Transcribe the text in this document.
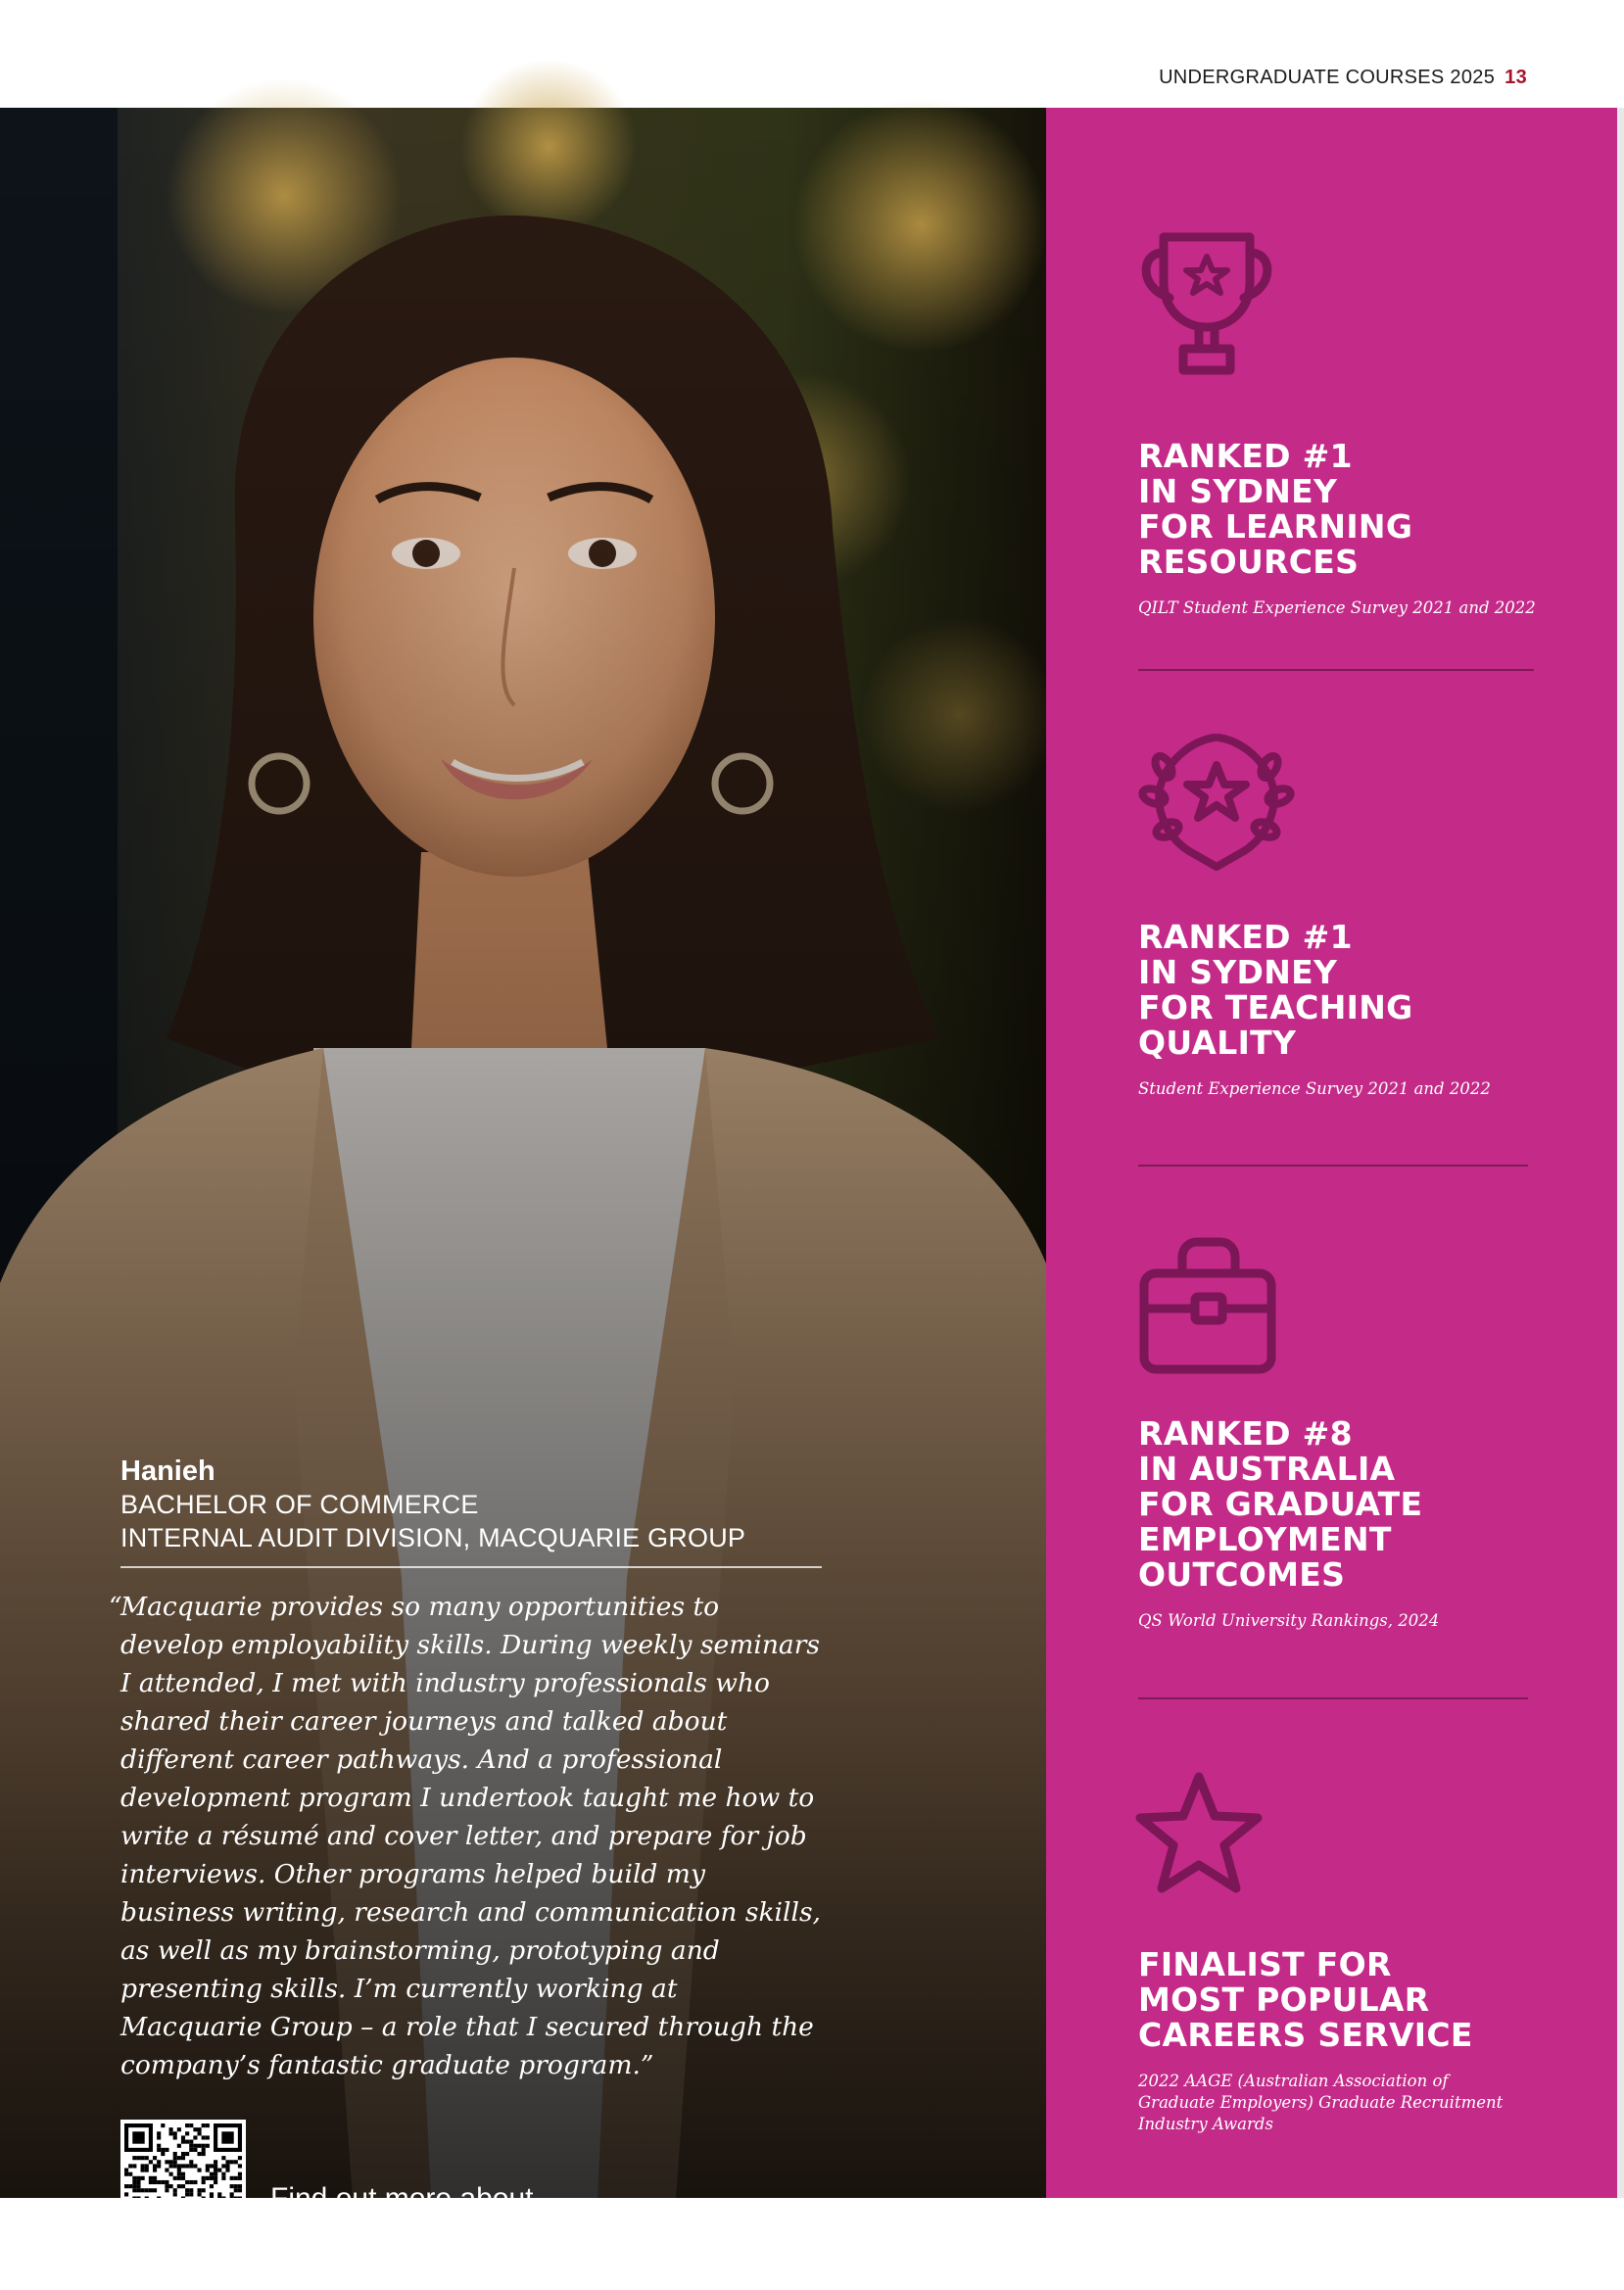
UNDERGRADUATE COURSES 2025 13
Hanieh
BACHELOR OF COMMERCE
INTERNAL AUDIT DIVISION, MACQUARIE GROUP
“
Macquarie provides so many opportunities to develop employability skills. During weekly seminars I attended, I met with industry professionals who shared their career journeys and talked about different career pathways. And a professional development program I undertook taught me how to write a résumé and cover letter, and prepare for job interviews. Other programs helped build my business writing, research and communication skills, as well as my brainstorming, prototyping and presenting skills. I’m currently working at Macquarie Group – a role that I secured through the company’s fantastic graduate program.”
RANKED #1
IN SYDNEY
FOR LEARNING
RESOURCES
QILT Student Experience Survey 2021 and 2022
RANKED #1
IN SYDNEY
FOR TEACHING
QUALITY
Student Experience Survey 2021 and 2022
RANKED #8
IN AUSTRALIA
FOR GRADUATE
EMPLOYMENT
OUTCOMES
QS World University Rankings, 2024
FINALIST FOR
MOST POPULAR
CAREERS SERVICE
2022 AAGE (Australian Association of
Graduate Employers) Graduate Recruitment
Industry Awards
